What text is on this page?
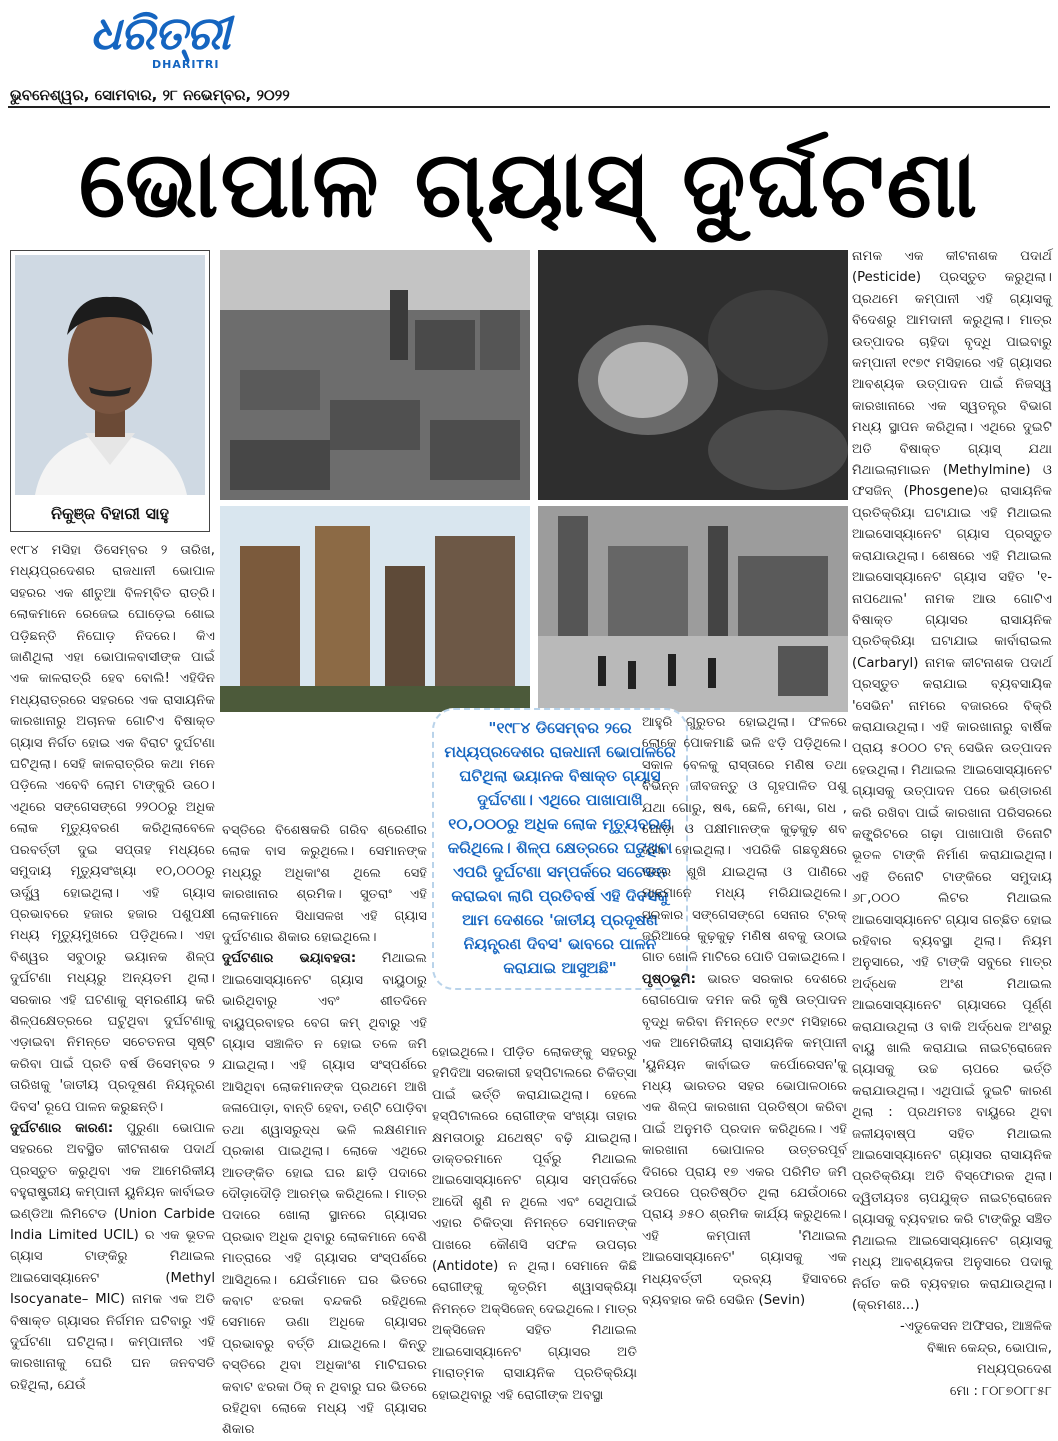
ଧରିତ୍ରୀ
DHARITRI
ଭୁବନେଶ୍ୱର, ସୋମବାର, ୨୮ ନଭେମ୍ବର, ୨୦୨୨
ଭୋପାଳ ଗ୍ୟାସ୍ ଦୁର୍ଘଟଣା
ନିକୁଞ୍ଜ ବିହାରୀ ସାହୁ
"୧୯୮୪ ଡିସେମ୍ବର ୨ରେ ମଧ୍ୟପ୍ରଦେଶର ରାଜଧାନୀ ଭୋପାଳରେ ଘଟିଥିଲା ଭୟାନକ ବିଷାକ୍ତ ଗ୍ୟାସ ଦୁର୍ଘଟଣା। ଏଥିରେ ପାଖାପାଖି ୧୦,୦୦୦ରୁ ଅଧିକ ଲୋକ ମୃତ୍ୟୁବରଣ କରିଥିଲେ। ଶିଳ୍ପ କ୍ଷେତ୍ରରେ ଘଟୁଥିବା ଏପରି ଦୁର୍ଘଟଣା ସମ୍ପର୍କରେ ସଚେତନ କରାଇବା ଲାଗି ପ୍ରତିବର୍ଷ ଏହି ଦିବସକୁ ଆମ ଦେଶରେ 'ଜାତୀୟ ପ୍ରଦୂଷଣ ନିୟନ୍ତ୍ରଣ ଦିବସ' ଭାବରେ ପାଳନ କରାଯାଇ ଆସୁଅଛି"

୧୯୮୪ ମସିହା ଡିସେମ୍ବର ୨ ତାରିଖ, ମଧ୍ୟପ୍ରଦେଶର ରାଜଧାନୀ ଭୋପାଳ ସହରର ଏକ ଶୀତୁଆ ବିଳମ୍ବିତ ରାତ୍ରି। ଲୋକମାନେ ରେଜେଇ ଘୋଡ଼େଇ ଶୋଇ ପଡ଼ିଛନ୍ତି ନିଘୋଡ଼ ନିଦରେ। କିଏ ଜାଣିଥିଲା ଏହା ଭୋପାଳବାସୀଙ୍କ ପାଇଁ ଏକ କାଳରାତ୍ରି ହେବ ବୋଲି! ଏହିଦିନ ମଧ୍ୟରାତ୍ରରେ ସହରରେ ଏକ ରାସାୟନିକ କାରଖାନାରୁ ଅଚାନକ ଗୋଟିଏ ବିଷାକ୍ତ ଗ୍ୟାସ ନିର୍ଗତ ହୋଇ ଏକ ବିରାଟ ଦୁର୍ଘଟଣା ଘଟିଥିଲା। ସେହି କାଳରାତ୍ରିର କଥା ମନେ ପଡ଼ିଲେ ଏବେବି ଲୋମ ଟାଙ୍କୁରି ଉଠେ। ଏଥିରେ ସଙ୍ଗେସଙ୍ଗେ ୨୨୦୦ରୁ ଅଧିକ ଲୋକ ମୃତ୍ୟୁବରଣ କରିଥିଲାବେଳେ ପରବର୍ତ୍ତୀ ଦୁଇ ସପ୍ତାହ ମଧ୍ୟରେ ସମୁଦାୟ ମୃତ୍ୟୁସଂଖ୍ୟା ୧୦,୦୦୦ରୁ ଊର୍ଦ୍ଧ୍ୱ ହୋଇଥିଲା। ଏହି ଗ୍ୟାସ ପ୍ରଭାବରେ ହଜାର ହଜାର ପଶୁପକ୍ଷୀ ମଧ୍ୟ ମୃତ୍ୟୁମୁଖରେ ପଡ଼ିଥିଲେ। ଏହା ବିଶ୍ୱର ସବୁଠାରୁ ଭୟାନକ ଶିଳ୍ପ ଦୁର୍ଘଟଣା ମଧ୍ୟରୁ ଅନ୍ୟତମ ଥିଲା। ସରକାର ଏହି ଘଟଣାକୁ ସ୍ମରଣୀୟ କରି ଶିଳ୍ପକ୍ଷେତ୍ରରେ ଘଟୁଥିବା ଦୁର୍ଘଟଣାକୁ ଏଡ଼ାଇବା ନିମନ୍ତେ ସଚେତନତା ସୃଷ୍ଟି କରିବା ପାଇଁ ପ୍ରତି ବର୍ଷ ଡିସେମ୍ବର ୨ ତାରିଖକୁ 'ଜାତୀୟ ପ୍ରଦୂଷଣ ନିୟନ୍ତ୍ରଣ ଦିବସ' ରୂପେ ପାଳନ କରୁଛନ୍ତି।

ଦୁର୍ଘଟଣାର କାରଣ: ପୁରୁଣା ଭୋପାଳ ସହରରେ ଅବସ୍ଥିତ କୀଟନାଶକ ପଦାର୍ଥ ପ୍ରସ୍ତୁତ କରୁଥିବା ଏକ ଆମେରିକୀୟ ବହୁରାଷ୍ଟ୍ରୀୟ କମ୍ପାନୀ ୟୁନିୟନ କାର୍ବାଇଡ ଇଣ୍ଡିଆ ଲିମିଟେଡ (Union Carbide India Limited UCIL) ର ଏକ ଭୂତଳ ଗ୍ୟାସ ଟାଙ୍କିରୁ ମିଥାଇଲ ଆଇସୋସ୍ୟାନେଟ (Methyl Isocyanate– MIC) ନାମକ ଏକ ଅତି ବିଷାକ୍ତ ଗ୍ୟାସର ନିର୍ଗମନ ଘଟିବାରୁ ଏହି ଦୁର୍ଘଟଣା ଘଟିଥିଲା। କମ୍ପାନୀର ଏହି କାରଖାନାକୁ ଘେରି ଘନ ଜନବସତି ରହିଥିଲା, ଯେଉଁ

ବସ୍ତିରେ ବିଶେଷକରି ଗରିବ ଶ୍ରେଣୀର ଲୋକ ବାସ କରୁଥିଲେ। ସେମାନଙ୍କ ମଧ୍ୟରୁ ଅଧିକାଂଶ ଥିଲେ ସେହି କାରଖାନାର ଶ୍ରମିକ। ସୁତରାଂ ଏହି ଲୋକମାନେ ସିଧାସଳଖ ଏହି ଗ୍ୟାସ ଦୁର୍ଘଟଣାର ଶିକାର ହୋଇଥିଲେ।

ଦୁର୍ଘଟଣାର ଭୟାବହତା: ମିଥାଇଲ ଆଇସୋସ୍ୟାନେଟ ଗ୍ୟାସ ବାୟୁଠାରୁ ଭାରିଥିବାରୁ ଏବଂ ଶୀତଦିନେ ବାୟୁପ୍ରବାହର ବେଗ କମ୍ ଥିବାରୁ ଏହି ଗ୍ୟାସ ସଞ୍ଚାଳିତ ନ ହୋଇ ତଳେ ଜମି ଯାଇଥିଲା। ଏହି ଗ୍ୟାସ ସଂସ୍ପର୍ଶରେ ଆସିଥିବା ଲୋକମାନଙ୍କ ପ୍ରଥମେ ଆଖି ଜଳାପୋଡ଼ା, ବାନ୍ତି ହେବା, ତଣ୍ଟି ପୋଡ଼ିବା ତଥା ଶ୍ୱାସରୁଦ୍ଧ ଭଳି ଲକ୍ଷଣମାନ ପ୍ରକାଶ ପାଇଥିଲା। ଲୋକେ ଏଥିରେ ଆତଙ୍କିତ ହୋଇ ଘର ଛାଡ଼ି ପଦାରେ ଦୌଡ଼ାଦୌଡ଼ି ଆରମ୍ଭ କରିଥିଲେ। ମାତ୍ର ପଦାରେ ଖୋଲା ସ୍ଥାନରେ ଗ୍ୟାସର ପ୍ରଭାବ ଅଧିକ ଥିବାରୁ ଲୋକମାନେ ବେଶି ମାତ୍ରାରେ ଏହି ଗ୍ୟାସର ସଂସ୍ପର୍ଶରେ ଆସିଥିଲେ। ଯେଉଁମାନେ ଘର ଭିତରେ କବାଟ ଝରକା ବନ୍ଦକରି ରହିଥିଲେ ସେମାନେ ଊଣା ଅଧିକେ ଗ୍ୟାସର ପ୍ରଭାବରୁ ବର୍ତ୍ତି ଯାଇଥିଲେ। କିନ୍ତୁ ବସ୍ତିରେ ଥିବା ଅଧିକାଂଶ ମାଟିଘରର କବାଟ ଝରକା ଠିକ୍ ନ ଥିବାରୁ ଘର ଭିତରେ ରହିଥିବା ଲୋକେ ମଧ୍ୟ ଏହି ଗ୍ୟାସର ଶିକାର

ହୋଇଥିଲେ। ପୀଡ଼ିତ ଲୋକଙ୍କୁ ସହରରୁ ହମିଦିଆ ସରକାରୀ ହସ୍ପିଟାଲରେ ଚିକିତ୍ସା ପାଇଁ ଭର୍ତ୍ତି କରାଯାଇଥିଲା। ହେଲେ ହସ୍ପିଟାଲରେ ରୋଗୀଙ୍କ ସଂଖ୍ୟା ତାହାର କ୍ଷମତାଠାରୁ ଯଥେଷ୍ଟ ବଢ଼ି ଯାଇଥିଲା। ଡାକ୍ତରମାନେ ପୂର୍ବରୁ ମିଥାଇଲ ଆଇସୋସ୍ୟାନେଟ ଗ୍ୟାସ ସମ୍ପର୍କରେ ଆଦୌ ଶୁଣି ନ ଥିଲେ ଏବଂ ସେଥିପାଇଁ ଏହାର ଚିକିତ୍ସା ନିମନ୍ତେ ସେମାନଙ୍କ ପାଖରେ କୌଣସି ସଫଳ ଉପଚାର (Antidote) ନ ଥିଲା। ସେମାନେ କିଛି ରୋଗୀଙ୍କୁ କୃତ୍ରିମ ଶ୍ୱାସକ୍ରିୟା ନିମନ୍ତେ ଅକ୍ସିଜେନ୍ ଦେଇଥିଲେ। ମାତ୍ର ଅକ୍ସିଜେନ ସହିତ ମିଥାଇଲ ଆଇସୋସ୍ୟାନେଟ ଗ୍ୟାସର ଅତି ମାରାତ୍ମକ ରାସାୟନିକ ପ୍ରତିକ୍ରିୟା ହୋଇଥିବାରୁ ଏହି ରୋଗୀଙ୍କ ଅବସ୍ଥା

ଆହୁରି ଗୁରୁତର ହୋଇଥିଲା। ଫଳରେ ଲୋକେ ପୋକମାଛି ଭଳି ଝଡ଼ି ପଡ଼ିଥିଲେ। ସକାଳ ବେଳକୁ ରାସ୍ତାରେ ମଣିଷ ତଥା ବିଭିନ୍ନ ଜୀବଜନ୍ତୁ ଓ ଗୃହପାଳିତ ପଶୁ ଯଥା ଗୋରୁ, ଷଣ୍ଢ, ଛେଳି, ମେଣ୍ଢା, ଗଧ , ଘୋଡ଼ା ଓ ପକ୍ଷୀମାନଙ୍କ କୁଢ଼କୁଢ଼ ଶବ ଜମା ହୋଇଥିଲା। ଏପରିକି ଗଛବୃକ୍ଷରେ ପତ୍ର ଶୁଖି ଯାଇଥିଲା ଓ ପାଣିରେ ମାଛମାନେ ମଧ୍ୟ ମରିଯାଇଥିଲେ। ସରକାର ସଙ୍ଗେସଙ୍ଗେ ସେନାର ଟ୍ରକ୍ ଜରିଆରେ କୁଢ଼କୁଢ଼ ମଣିଷ ଶବକୁ ଉଠାଇ ଗାତ ଖୋଳି ମାଟିରେ ପୋତି ପକାଇଥିଲେ।

ପୃଷ୍ଠଭୂମି: ଭାରତ ସରକାର ଦେଶରେ ରୋଗପୋକ ଦମନ କରି କୃଷି ଉତ୍ପାଦନ ବୃଦ୍ଧି କରିବା ନିମନ୍ତେ ୧୯୬୯ ମସିହାରେ ଏକ ଆମେରିକୀୟ ରାସାୟନିକ କମ୍ପାନୀ 'ୟୁନିୟନ କାର୍ବାଇଡ କର୍ପୋରେସନ'କୁ ମଧ୍ୟ ଭାରତର ସହର ଭୋପାଳଠାରେ ଏକ ଶିଳ୍ପ କାରଖାନା ପ୍ରତିଷ୍ଠା କରିବା ପାଇଁ ଅନୁମତି ପ୍ରଦାନ କରିଥିଲେ। ଏହି କାରଖାନା ଭୋପାଳର ଉତ୍ତରପୂର୍ବ ଦିଗରେ ପ୍ରାୟ ୧୭ ଏକର ପରିମିତ ଜମି ଉପରେ ପ୍ରତିଷ୍ଠିତ ଥିଲା ଯେଉଁଠାରେ ପ୍ରାୟ ୬୫୦ ଶ୍ରମିକ କାର୍ଯ୍ୟ କରୁଥିଲେ। ଏହି କମ୍ପାନୀ 'ମିଥାଇଲ ଆଇସୋସ୍ୟାନେଟ' ଗ୍ୟାସକୁ ଏକ ମଧ୍ୟବର୍ତ୍ତୀ ଦ୍ରବ୍ୟ ହିସାବରେ ବ୍ୟବହାର କରି ସେଭିନ (Sevin)

ନାମକ ଏକ କୀଟନାଶକ ପଦାର୍ଥ (Pesticide) ପ୍ରସ୍ତୁତ କରୁଥିଲା। ପ୍ରଥମେ କମ୍ପାନୀ ଏହି ଗ୍ୟାସକୁ ବିଦେଶରୁ ଆମଦାନୀ କରୁଥିଲା। ମାତ୍ର ଉତ୍ପାଦର ଚାହିଦା ବୃଦ୍ଧି ପାଇବାରୁ କମ୍ପାନୀ ୧୯୭୯ ମସିହାରେ ଏହି ଗ୍ୟାସର ଆବଶ୍ୟକ ଉତ୍ପାଦନ ପାଇଁ ନିଜସ୍ୱ କାରଖାନାରେ ଏକ ସ୍ୱତନ୍ତ୍ର ବିଭାଗ ମଧ୍ୟ ସ୍ଥାପନ କରିଥିଲା। ଏଥିରେ ଦୁଇଟି ଅତି ବିଷାକ୍ତ ଗ୍ୟାସ୍ ଯଥା ମିଥାଇଲାମାଇନ (Methylmine) ଓ ଫସଜିନ୍ (Phosgene)ର ରାସାୟନିକ ପ୍ରତିକ୍ରିୟା ଘଟାଯାଇ ଏହି ମିଥାଇଲ ଆଇସୋସ୍ୟାନେଟ ଗ୍ୟାସ ପ୍ରସ୍ତୁତ କରାଯାଉଥିଲା। ଶେଷରେ ଏହି ମିଥାଇଲ ଆଇସୋସ୍ୟାନେଟ ଗ୍ୟାସ ସହିତ '୧-ନାପଥୋଲ' ନାମକ ଆଉ ଗୋଟିଏ ବିଷାକ୍ତ ଗ୍ୟାସର ରାସାୟନିକ ପ୍ରତିକ୍ରିୟା ଘଟାଯାଇ କାର୍ବାରାଇଲ (Carbaryl) ନାମକ କୀଟନାଶକ ପଦାର୍ଥ ପ୍ରସ୍ତୁତ କରାଯାଇ ବ୍ୟବସାୟିକ 'ସେଭିନ' ନାମରେ ବଜାରରେ ବିକ୍ରି କରାଯାଉଥିଲା। ଏହି କାରଖାନାରୁ ବାର୍ଷିକ ପ୍ରାୟ ୫୦୦୦ ଟନ୍ ସେଭିନ ଉତ୍ପାଦନ ହେଉଥିଲା। ମିଥାଇଲ ଆଇସୋସ୍ୟାନେଟ ଗ୍ୟାସକୁ ଉତ୍ପାଦନ ପରେ ଭଣ୍ଡାରଣ କରି ରଖିବା ପାଇଁ କାରଖାନା ପରିସରରେ କଙ୍କ୍ରିଟରେ ଗଢ଼ା ପାଖାପାଖି ତିନୋଟି ଭୂତଳ ଟାଙ୍କି ନିର୍ମାଣ କରାଯାଇଥିଲା। ଏହି ତିନୋଟି ଟାଙ୍କିରେ ସମୁଦାୟ ୬୮,୦୦୦ ଲିଟର ମିଥାଇଲ ଆଇସୋସ୍ୟାନେଟ ଗ୍ୟାସ ଗଚ୍ଛିତ ହୋଇ ରହିବାର ବ୍ୟବସ୍ଥା ଥିଲା। ନିୟମ ଅନୁସାରେ, ଏହି ଟାଙ୍କି ସବୁରେ ମାତ୍ର ଅର୍ଦ୍ଧେକ ଅଂଶ ମିଥାଇଲ ଆଇସୋସ୍ୟାନେଟ ଗ୍ୟାସରେ ପୂର୍ଣ୍ଣ କରାଯାଉଥିଲା ଓ ବାକି ଅର୍ଦ୍ଧେକ ଅଂଶରୁ ବାୟୁ ଖାଲି କରାଯାଇ ନାଇଟ୍ରୋଜେନ ଗ୍ୟାସକୁ ଉଚ୍ଚ ଚାପରେ ଭର୍ତ୍ତି କରାଯାଉଥିଲା। ଏଥିପାଇଁ ଦୁଇଟି କାରଣ ଥିଲା : ପ୍ରଥମତଃ ବାୟୁରେ ଥିବା ଜଳୀୟବାଷ୍ପ ସହିତ ମିଥାଇଲ ଆଇସୋସ୍ୟାନେଟ ଗ୍ୟାସର ରାସାୟନିକ ପ୍ରତିକ୍ରିୟା ଅତି ବିସ୍ଫୋରକ ଥିଲା। ଦ୍ୱିତୀୟତଃ ଚାପଯୁକ୍ତ ନାଇଟ୍ରୋଜେନ ଗ୍ୟାସକୁ ବ୍ୟବହାର କରି ଟାଙ୍କିରୁ ସଞ୍ଚିତ ମିଥାଇଲ ଆଇସୋସ୍ୟାନେଟ ଗ୍ୟାସକୁ ମଧ୍ୟ ଆବଶ୍ୟକତା ଅନୁସାରେ ପଦାକୁ ନିର୍ଗତ କରି ବ୍ୟବହାର କରାଯାଉଥିଲା। (କ୍ରମଶଃ...)

-ଏଡୁକେସନ ଅଫିସର, ଆଞ୍ଚଳିକ

ବିଜ୍ଞାନ କେନ୍ଦ୍ର, ଭୋପାଳ, ମଧ୍ୟପ୍ରଦେଶ

ମୋ : ୮୦୮୭୦୮୮୫୮
